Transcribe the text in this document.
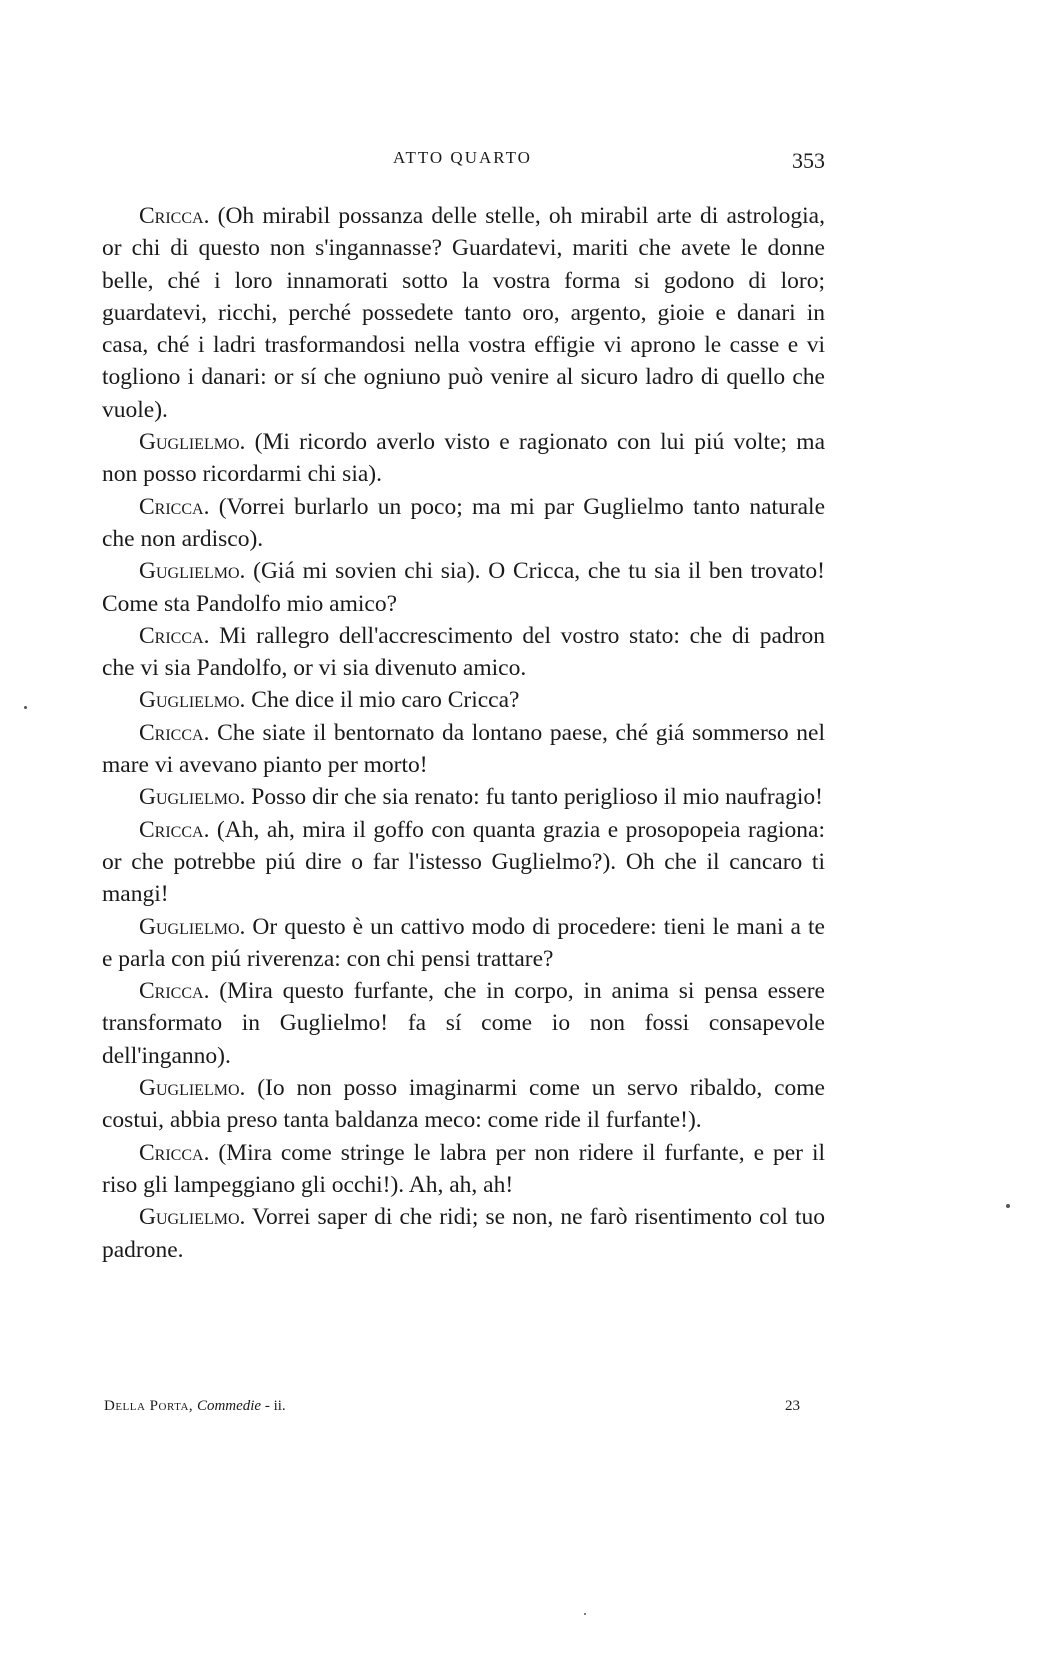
ATTO QUARTO	353

Cricca. (Oh mirabil possanza delle stelle, oh mirabil arte di astrologia, or chi di questo non s'ingannasse? Guardatevi, mariti che avete le donne belle, ché i loro innamorati sotto la vostra forma si godono di loro; guardatevi, ricchi, perché possedete tanto oro, argento, gioie e danari in casa, ché i ladri trasformandosi nella vostra effigie vi aprono le casse e vi togliono i danari: or sí che ogniuno può venire al sicuro ladro di quello che vuole).

Guglielmo. (Mi ricordo averlo visto e ragionato con lui piú volte; ma non posso ricordarmi chi sia).

Cricca. (Vorrei burlarlo un poco; ma mi par Guglielmo tanto naturale che non ardisco).

Guglielmo. (Giá mi sovien chi sia). O Cricca, che tu sia il ben trovato! Come sta Pandolfo mio amico?

Cricca. Mi rallegro dell'accrescimento del vostro stato: che di padron che vi sia Pandolfo, or vi sia divenuto amico.

Guglielmo. Che dice il mio caro Cricca?

Cricca. Che siate il bentornato da lontano paese, ché giá sommerso nel mare vi avevano pianto per morto!

Guglielmo. Posso dir che sia renato: fu tanto periglioso il mio naufragio!

Cricca. (Ah, ah, mira il goffo con quanta grazia e prosopopeia ragiona: or che potrebbe piú dire o far l'istesso Guglielmo?). Oh che il cancaro ti mangi!

Guglielmo. Or questo è un cattivo modo di procedere: tieni le mani a te e parla con piú riverenza: con chi pensi trattare?

Cricca. (Mira questo furfante, che in corpo, in anima si pensa essere transformato in Guglielmo! fa sí come io non fossi consapevole dell'inganno).

Guglielmo. (Io non posso imaginarmi come un servo ribaldo, come costui, abbia preso tanta baldanza meco: come ride il furfante!).

Cricca. (Mira come stringe le labra per non ridere il furfante, e per il riso gli lampeggiano gli occhi!). Ah, ah, ah!

Guglielmo. Vorrei saper di che ridi; se non, ne farò risentimento col tuo padrone.

Della Porta, Commedie - ii.	23
